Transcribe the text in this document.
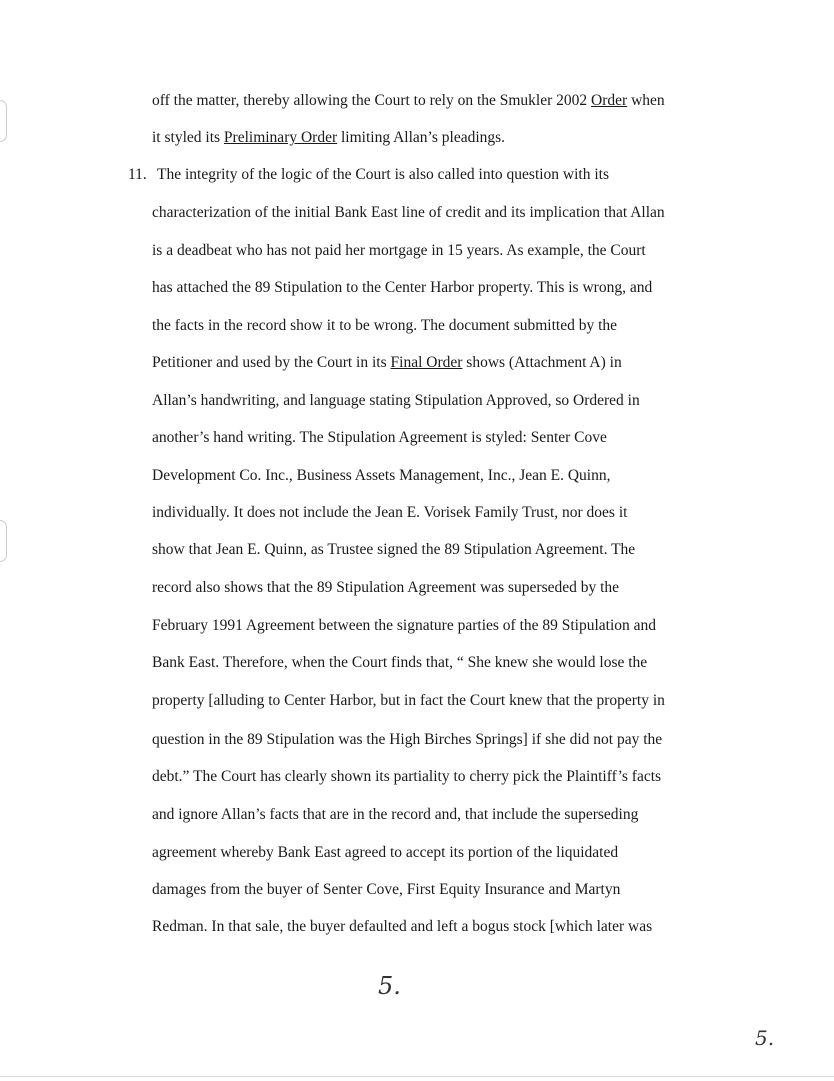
off the matter, thereby allowing the Court to rely on the Smukler 2002 Order when
it styled its Preliminary Order limiting Allan’s pleadings.
11. The integrity of the logic of the Court is also called into question with its
characterization of the initial Bank East line of credit and its implication that Allan
is a deadbeat who has not paid her mortgage in 15 years. As example, the Court
has attached the 89 Stipulation to the Center Harbor property. This is wrong, and
the facts in the record show it to be wrong. The document submitted by the
Petitioner and used by the Court in its Final Order shows (Attachment A) in
Allan’s handwriting, and language stating Stipulation Approved, so Ordered in
another’s hand writing. The Stipulation Agreement is styled: Senter Cove
Development Co. Inc., Business Assets Management, Inc., Jean E. Quinn,
individually. It does not include the Jean E. Vorisek Family Trust, nor does it
show that Jean E. Quinn, as Trustee signed the 89 Stipulation Agreement. The
record also shows that the 89 Stipulation Agreement was superseded by the
February 1991 Agreement between the signature parties of the 89 Stipulation and
Bank East. Therefore, when the Court finds that, “ She knew she would lose the
property [alluding to Center Harbor, but in fact the Court knew that the property in
question in the 89 Stipulation was the High Birches Springs] if she did not pay the
debt.” The Court has clearly shown its partiality to cherry pick the Plaintiff’s facts
and ignore Allan’s facts that are in the record and, that include the superseding
agreement whereby Bank East agreed to accept its portion of the liquidated
damages from the buyer of Senter Cove, First Equity Insurance and Martyn
Redman. In that sale, the buyer defaulted and left a bogus stock [which later was
5.
5.
